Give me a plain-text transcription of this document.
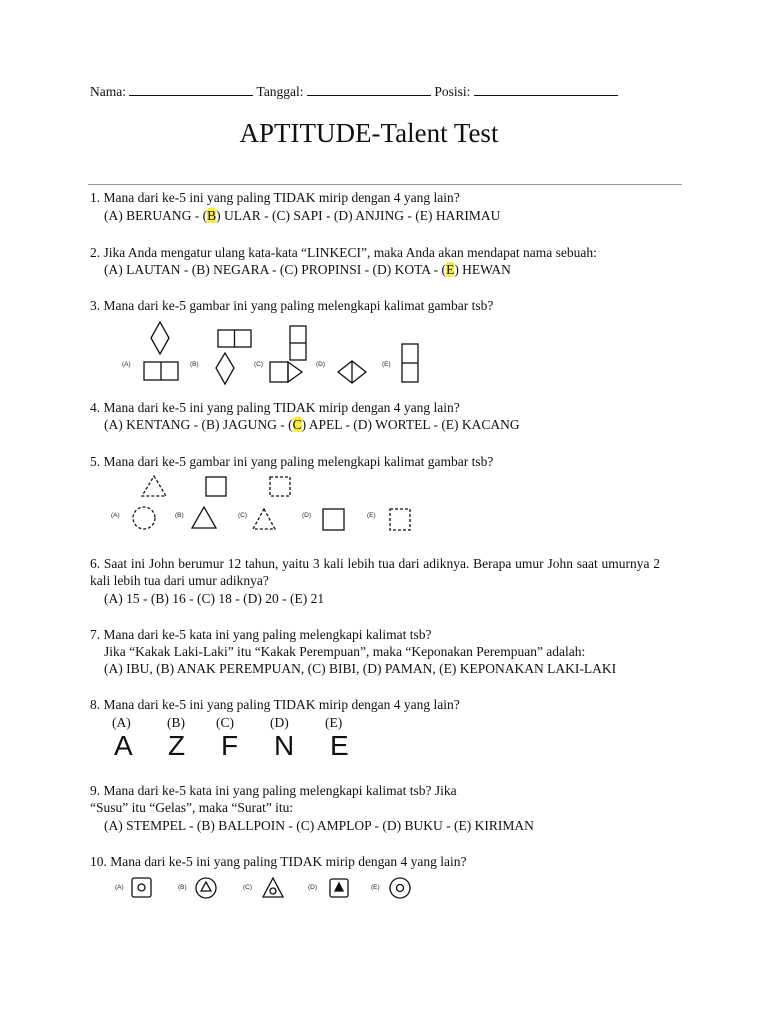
Nama:	Tanggal:	Posisi:
APTITUDE-Talent Test
1. Mana dari ke-5 ini yang paling TIDAK mirip dengan 4 yang lain?
(A) BERUANG - (B) ULAR - (C) SAPI - (D) ANJING - (E) HARIMAU
2. Jika Anda mengatur ulang kata-kata “LINKECI”, maka Anda akan mendapat nama sebuah:
(A) LAUTAN - (B) NEGARA - (C) PROPINSI - (D) KOTA - (E) HEWAN
3. Mana dari ke-5 gambar ini yang paling melengkapi kalimat gambar tsb?
(A)	(B)	(C)	(D)	(E)
4. Mana dari ke-5 ini yang paling TIDAK mirip dengan 4 yang lain?
(A) KENTANG - (B) JAGUNG - (C) APEL - (D) WORTEL - (E) KACANG
5. Mana dari ke-5 gambar ini yang paling melengkapi kalimat gambar tsb?
(A)	(B)	(C)	(D)	(E)
6. Saat ini John berumur 12 tahun, yaitu 3 kali lebih tua dari adiknya. Berapa umur John saat umurnya 2 kali lebih tua dari umur adiknya?
(A) 15 - (B) 16 - (C) 18 - (D) 20 - (E) 21
7. Mana dari ke-5 kata ini yang paling melengkapi kalimat tsb?
Jika “Kakak Laki-Laki” itu “Kakak Perempuan”, maka “Keponakan Perempuan” adalah:
(A) IBU, (B) ANAK PEREMPUAN, (C) BIBI, (D) PAMAN, (E) KEPONAKAN LAKI-LAKI
8. Mana dari ke-5 ini yang paling TIDAK mirip dengan 4 yang lain?
(A)	(B) (C)	(D)	(E)
A Z F N E
9. Mana dari ke-5 kata ini yang paling melengkapi kalimat tsb? Jika
“Susu” itu “Gelas”, maka “Surat” itu:
(A) STEMPEL - (B) BALLPOIN - (C) AMPLOP - (D) BUKU - (E) KIRIMAN
10. Mana dari ke-5 ini yang paling TIDAK mirip dengan 4 yang lain?
(A)	(B)	(C)	(D)	(E)
